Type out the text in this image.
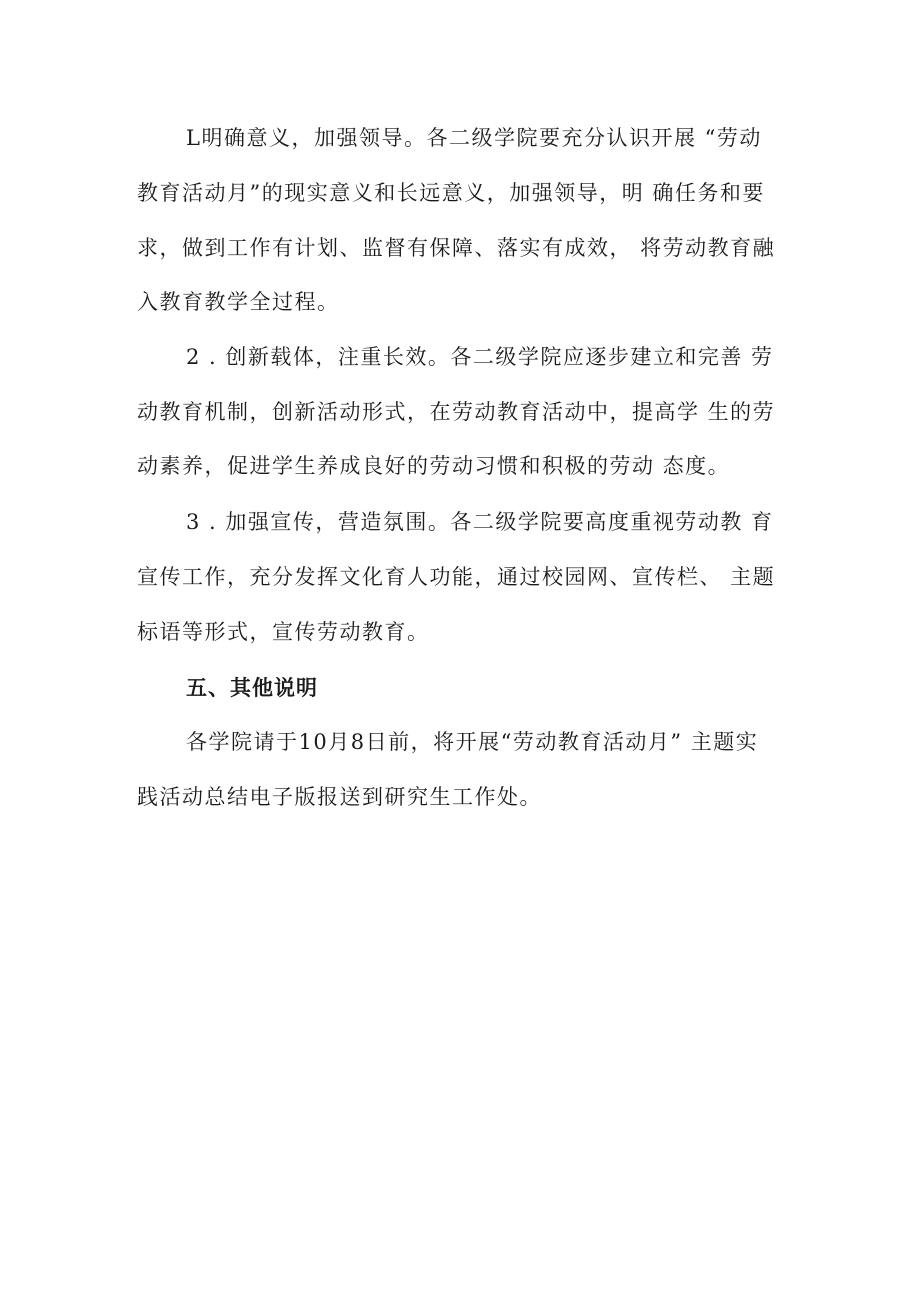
L明确意义，加强领导。各二级学院要充分认识开展 “劳动
教育活动月”的现实意义和长远意义，加强领导，明 确任务和要
求，做到工作有计划、监督有保障、落实有成效， 将劳动教育融
入教育教学全过程。
2 . 创新载体，注重长效。各二级学院应逐步建立和完善 劳
动教育机制，创新活动形式，在劳动教育活动中，提高学 生的劳
动素养，促进学生养成良好的劳动习惯和积极的劳动 态度。
3 . 加强宣传，营造氛围。各二级学院要高度重视劳动教 育
宣传工作，充分发挥文化育人功能，通过校园网、宣传栏、 主题
标语等形式，宣传劳动教育。
五、其他说明
各学院请于10月8日前，将开展“劳动教育活动月” 主题实
践活动总结电子版报送到研究生工作处。
